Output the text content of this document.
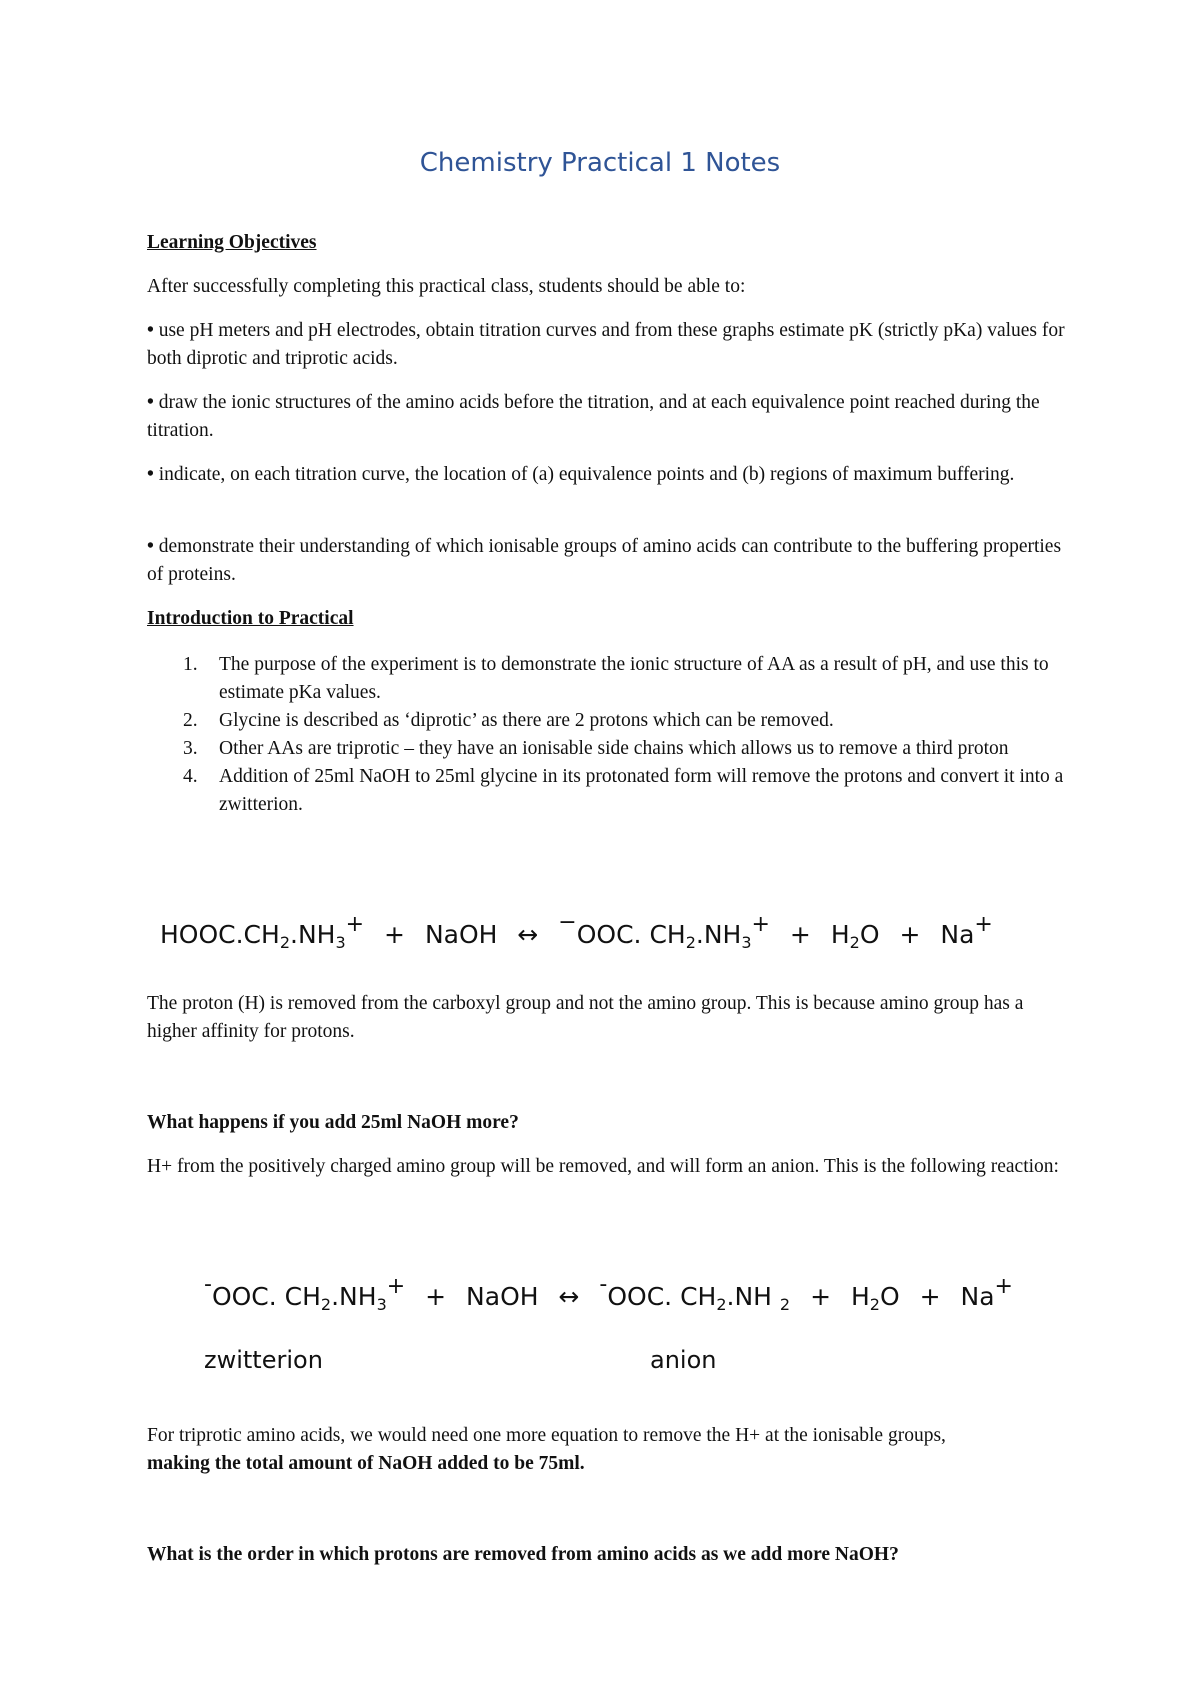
Chemistry Practical 1 Notes

Learning Objectives

After successfully completing this practical class, students should be able to:

• use pH meters and pH electrodes, obtain titration curves and from these graphs estimate pK (strictly pKa) values for both diprotic and triprotic acids.

• draw the ionic structures of the amino acids before the titration, and at each equivalence point reached during the titration.

• indicate, on each titration curve, the location of (a) equivalence points and (b) regions of maximum buffering.

• demonstrate their understanding of which ionisable groups of amino acids can contribute to the buffering properties of proteins.

Introduction to Practical

1. The purpose of the experiment is to demonstrate the ionic structure of AA as a result of pH, and use this to estimate pKa values.
2. Glycine is described as ‘diprotic’ as there are 2 protons which can be removed.
3. Other AAs are triprotic – they have an ionisable side chains which allows us to remove a third proton
4. Addition of 25ml NaOH to 25ml glycine in its protonated form will remove the protons and convert it into a zwitterion.
$HOOC.CH_2.NH_3^+$ + NaOH ↔ −OOC. $CH_2.NH_3^+ + H_2O + Na^+$

The proton (H) is removed from the carboxyl group and not the amino group. This is because amino group has a higher affinity for protons.

What happens if you add 25ml NaOH more?

H+ from the positively charged amino group will be removed, and will form an anion. This is the following reaction:

-OOC. $CH_2.NH_3^+$ + NaOH ↔ -OOC. $CH_2.NH$ $_2 + H_2O + Na^+$
zwitterion	anion

For triprotic amino acids, we would need one more equation to remove the H+ at the ionisable groups,
making the total amount of NaOH added to be 75ml.

What is the order in which protons are removed from amino acids as we add more NaOH?
